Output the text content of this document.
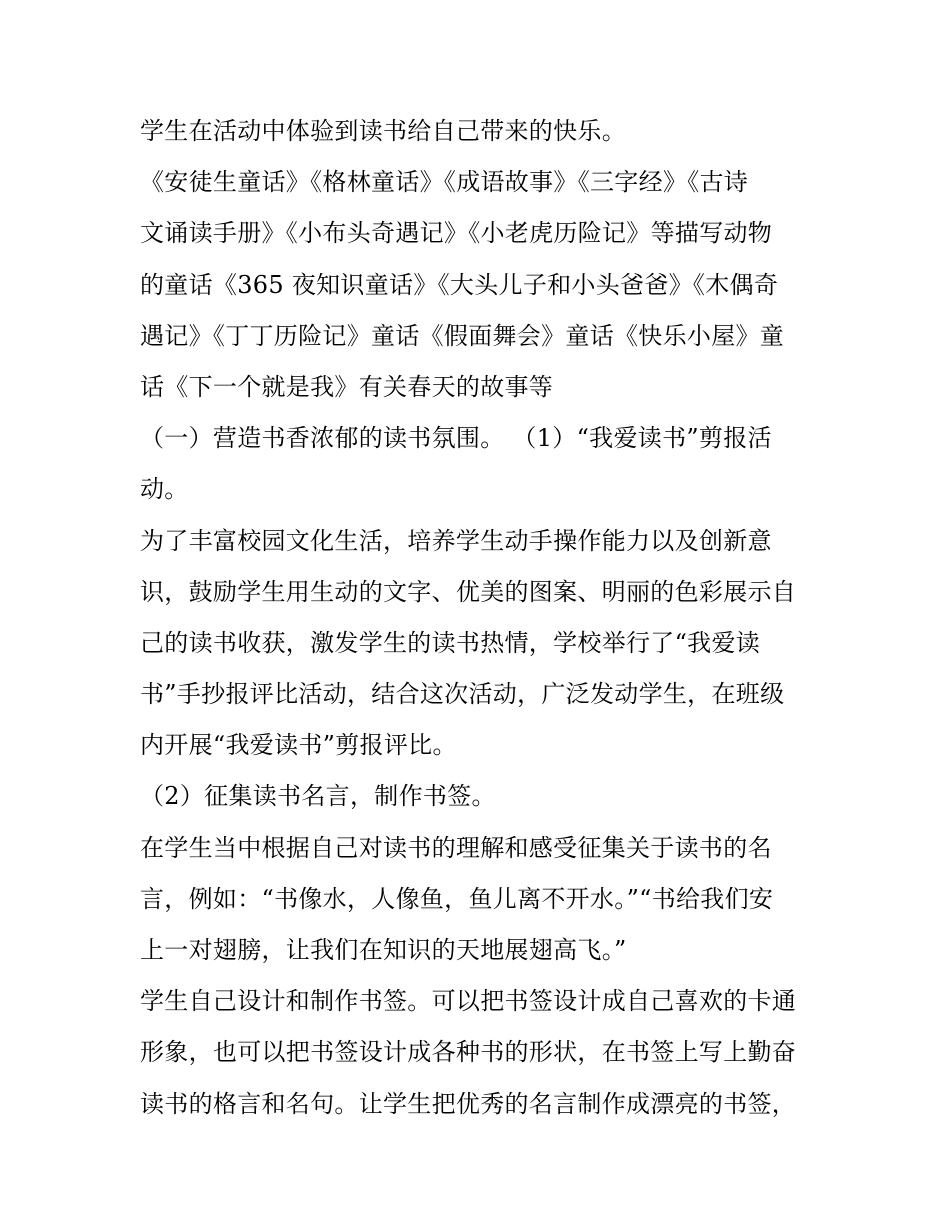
学生在活动中体验到读书给自己带来的快乐。
《安徒生童话》《格林童话》《成语故事》《三字经》《古诗
文诵读手册》《小布头奇遇记》《小老虎历险记》等描写动物
的童话《365 夜知识童话》《大头儿子和小头爸爸》《木偶奇
遇记》《丁丁历险记》童话《假面舞会》童话《快乐小屋》童
话《下一个就是我》有关春天的故事等
（一）营造书香浓郁的读书氛围。 （1）“我爱读书”剪报活
动。
为了丰富校园文化生活，培养学生动手操作能力以及创新意
识，鼓励学生用生动的文字、优美的图案、明丽的色彩展示自
己的读书收获，激发学生的读书热情，学校举行了“我爱读
书”手抄报评比活动，结合这次活动，广泛发动学生，在班级
内开展“我爱读书”剪报评比。
（2）征集读书名言，制作书签。
在学生当中根据自己对读书的理解和感受征集关于读书的名
言，例如：“书像水，人像鱼，鱼儿离不开水。”“书给我们安
上一对翅膀，让我们在知识的天地展翅高飞。”
学生自己设计和制作书签。可以把书签设计成自己喜欢的卡通
形象，也可以把书签设计成各种书的形状，在书签上写上勤奋
读书的格言和名句。让学生把优秀的名言制作成漂亮的书签，
